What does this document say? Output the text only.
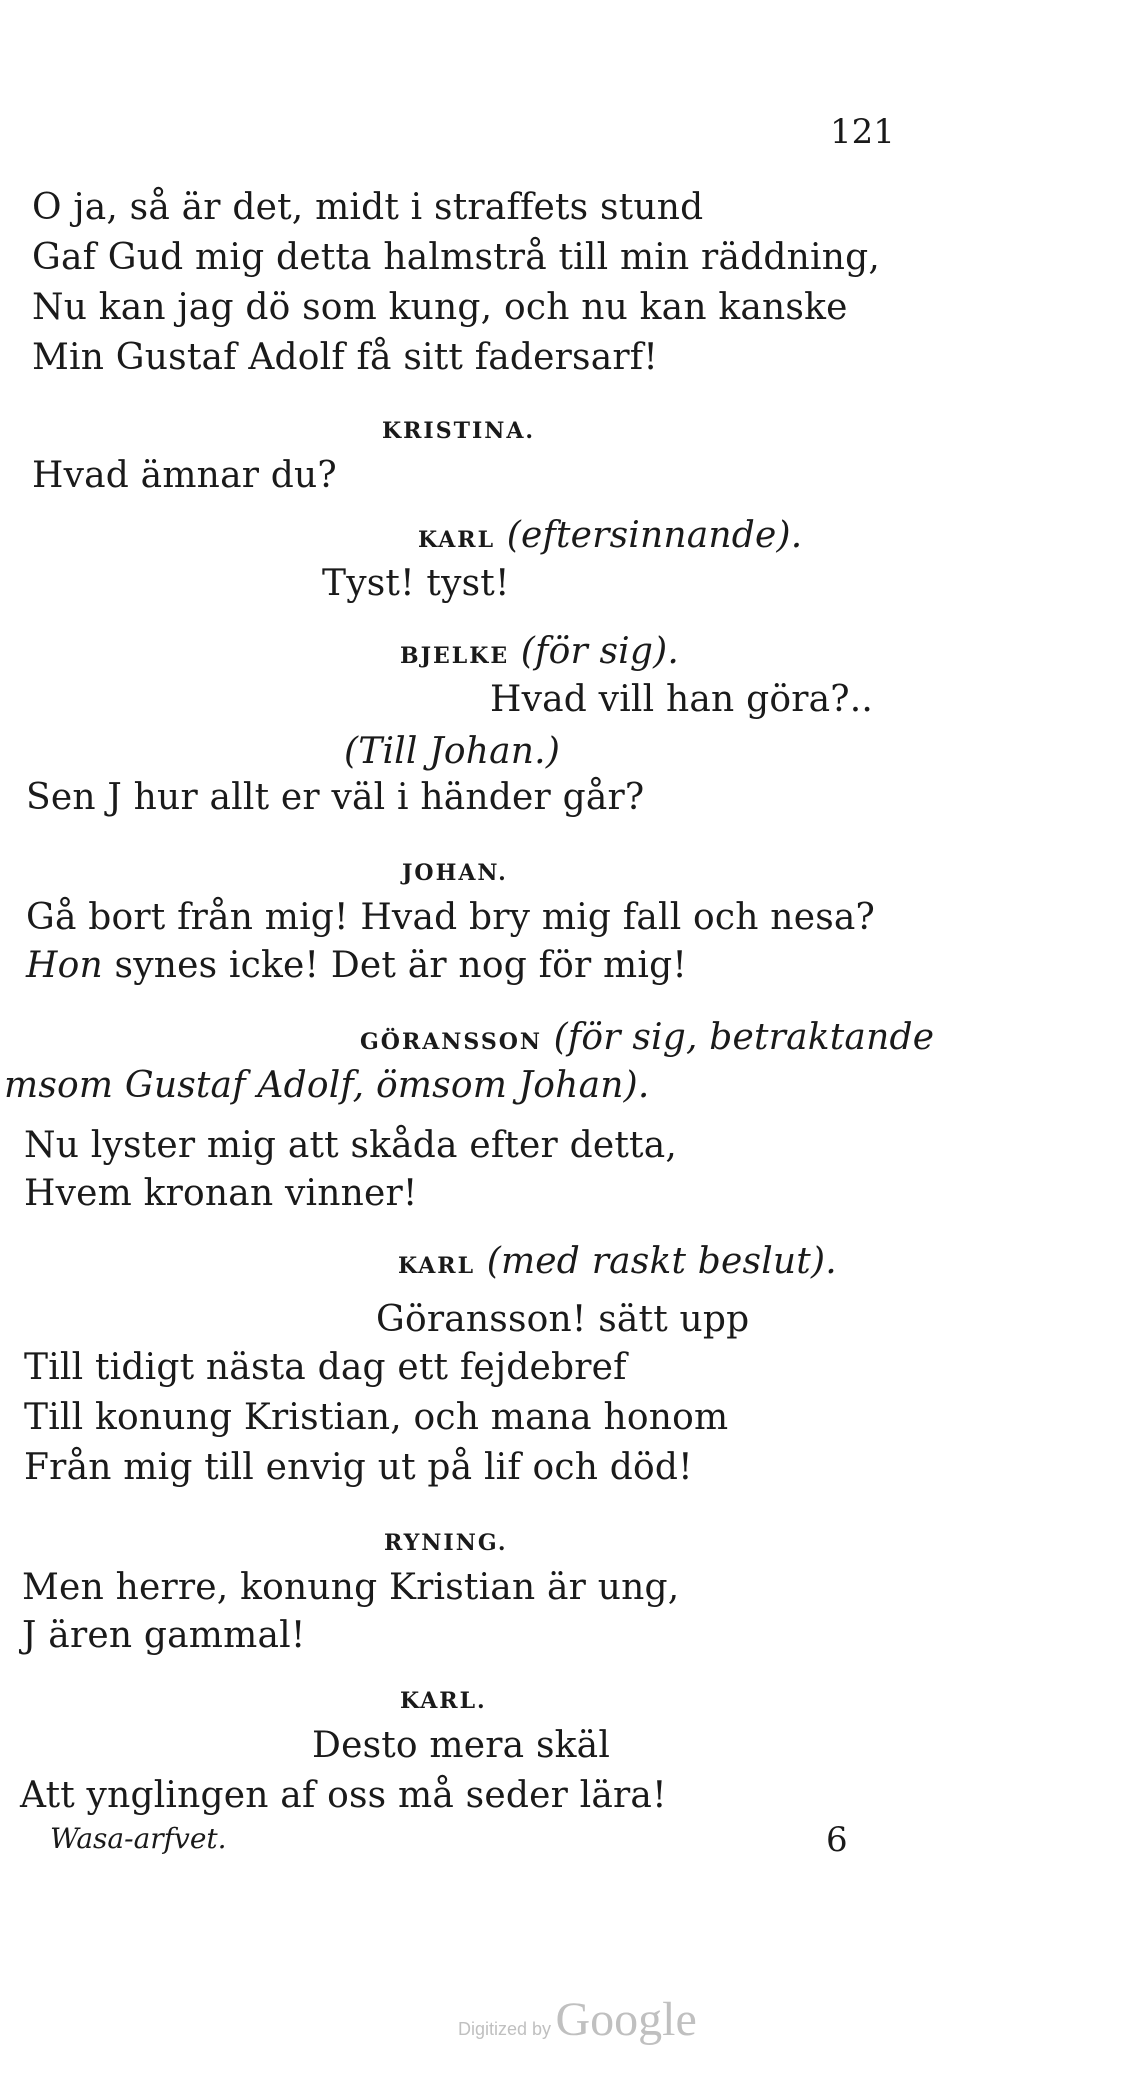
121
O ja, så är det, midt i straffets stund
Gaf Gud mig detta halmstrå till min räddning,
Nu kan jag dö som kung, och nu kan kanske
Min Gustaf Adolf få sitt fadersarf!
KRISTINA.
Hvad ämnar du?
KARL (eftersinnande).
Tyst! tyst!
BJELKE (för sig).
Hvad vill han göra?..
(Till Johan.)
Sen J hur allt er väl i händer går?
JOHAN.
Gå bort från mig! Hvad bry mig fall och nesa?
Hon synes icke! Det är nog för mig!
GÖRANSSON (för sig, betraktande
msom Gustaf Adolf, ömsom Johan).
Nu lyster mig att skåda efter detta,
Hvem kronan vinner!
KARL (med raskt beslut).
Göransson! sätt upp
Till tidigt nästa dag ett fejdebref
Till konung Kristian, och mana honom
Från mig till envig ut på lif och död!
RYNING.
Men herre, konung Kristian är ung,
J ären gammal!
KARL.
Desto mera skäl
Att ynglingen af oss må seder lära!
Wasa-arfvet.	6
Digitized by Google
